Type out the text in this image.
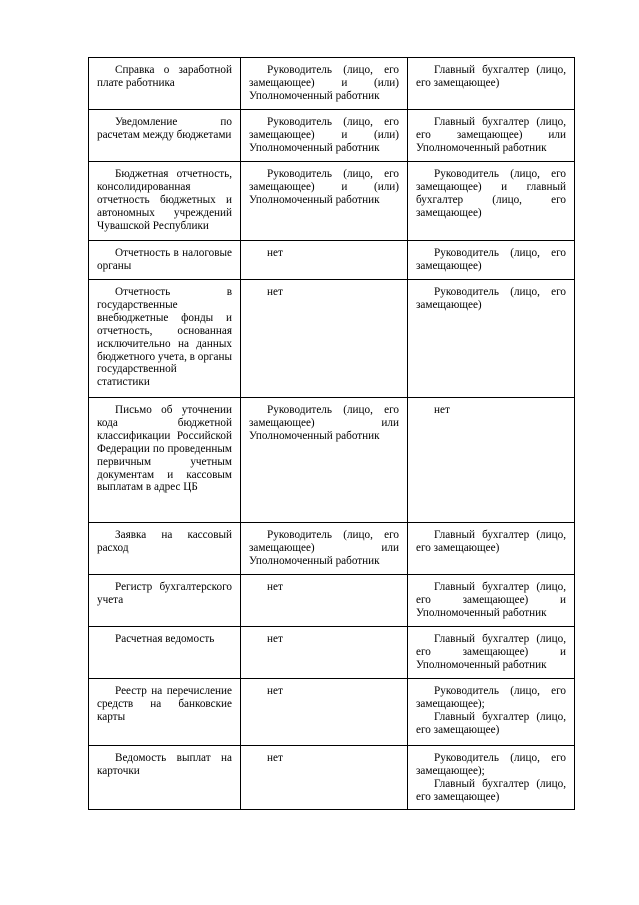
Справка о заработной плате работника	Руководитель (лицо, его замещающее) и (или) Уполномоченный работник	Главный бухгалтер (лицо, его замещающее)

Уведомление по расчетам между бюджетами	Руководитель (лицо, его замещающее) и (или) Уполномоченный работник	Главный бухгалтер (лицо, его замещающее) или Уполномоченный работник

Бюджетная отчетность, консолидированная отчетность бюджетных и автономных учреждений Чувашской Республики	Руководитель (лицо, его замещающее) и (или) Уполномоченный работник	Руководитель (лицо, его замещающее) и главный бухгалтер (лицо, его замещающее)

Отчетность в налоговые органы	нет	Руководитель (лицо, его замещающее)

Отчетность в государственные внебюджетные фонды и отчетность, основанная исключительно на данных бюджетного учета, в органы государственной статистики	нет	Руководитель (лицо, его замещающее)

Письмо об уточнении кода бюджетной классификации Российской Федерации по проведенным первичным учетным документам и кассовым выплатам в адрес ЦБ	Руководитель (лицо, его замещающее) или Уполномоченный работник	нет

Заявка на кассовый расход	Руководитель (лицо, его замещающее) или Уполномоченный работник	Главный бухгалтер (лицо, его замещающее)

Регистр бухгалтерского учета	нет	Главный бухгалтер (лицо, его замещающее) и Уполномоченный работник

Расчетная ведомость	нет	Главный бухгалтер (лицо, его замещающее) и Уполномоченный работник

Реестр на перечисление средств на банковские карты	нет	Руководитель (лицо, его замещающее);
Главный бухгалтер (лицо, его замещающее)

Ведомость выплат на карточки	нет	Руководитель (лицо, его замещающее);
Главный бухгалтер (лицо, его замещающее)
